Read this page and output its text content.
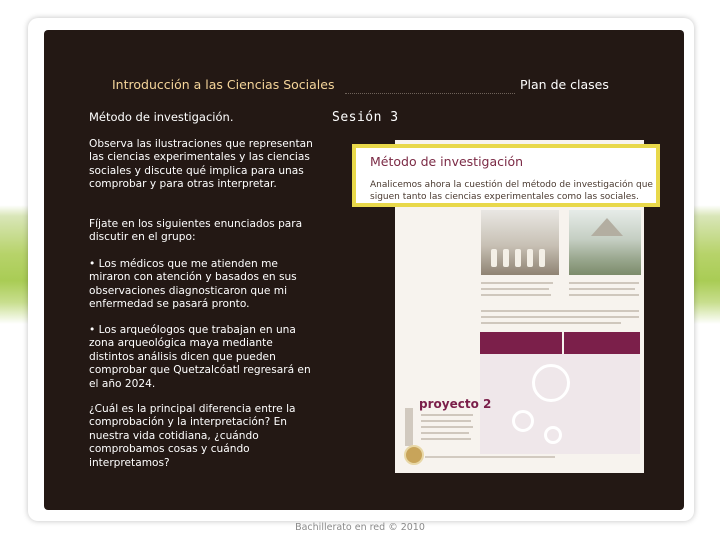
Introducción a las Ciencias Sociales	Plan de clases
Método de investigación.	Sesión 3

Observa las ilustraciones que representan las ciencias experimentales y las ciencias sociales y discute qué implica para unas comprobar y para otras interpretar.

Fíjate en los siguientes enunciados para discutir en el grupo:

• Los médicos que me atienden me miraron con atención y basados en sus observaciones diagnosticaron que mi enfermedad se pasará pronto.

• Los arqueólogos que trabajan en una zona arqueológica maya mediante distintos análisis dicen que pueden comprobar que Quetzalcóatl regresará en el año 2024.

¿Cuál es la principal diferencia entre la comprobación y la interpretación? En nuestra vida cotidiana, ¿cuándo comprobamos cosas y cuándo interpretamos?

proyecto 2
Método de investigación

Analicemos ahora la cuestión del método de investigación que siguen tanto las ciencias experimentales como las sociales.

Bachillerato en red © 2010
